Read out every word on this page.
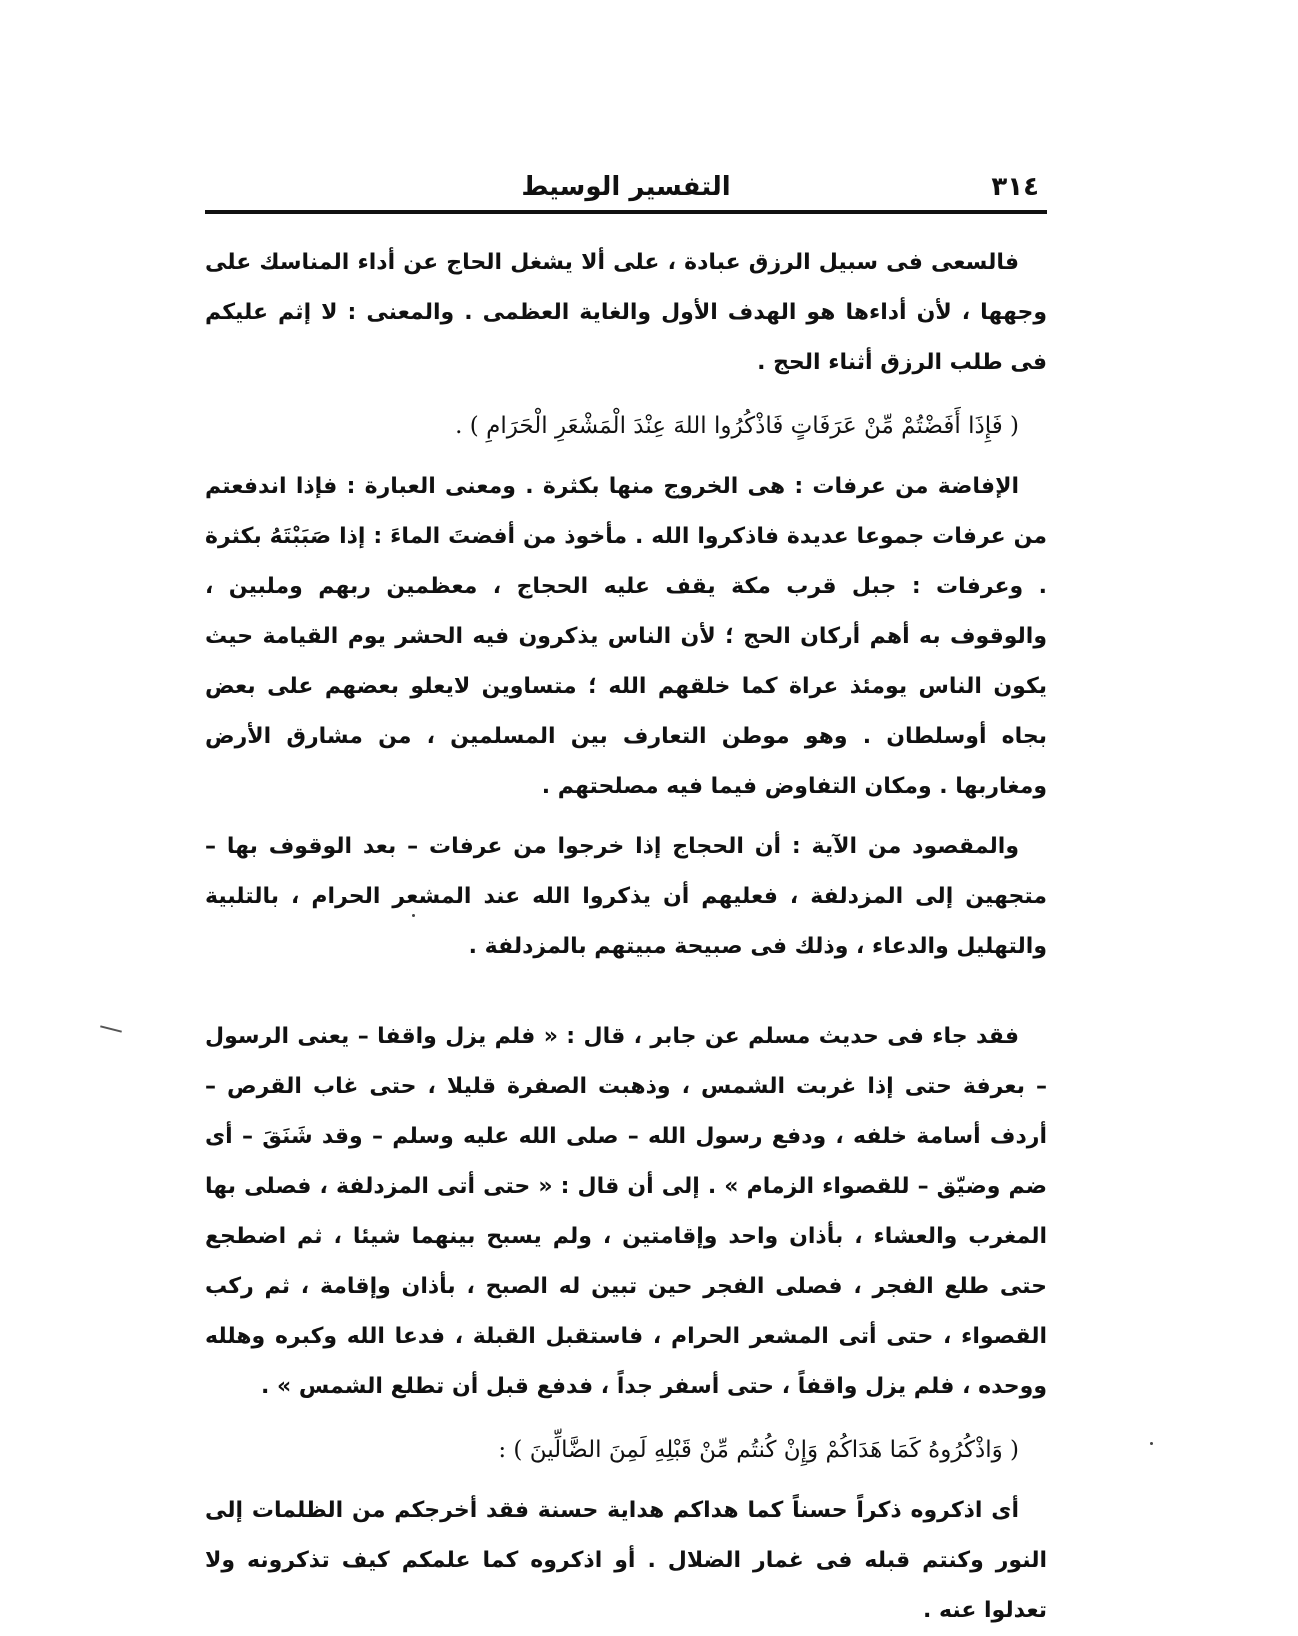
٣١٤
التفسير الوسيط

فالسعى فى سبيل الرزق عبادة ، على ألا يشغل الحاج عن أداء المناسك على وجهها ، لأن أداءها هو الهدف الأول والغاية العظمى . والمعنى : لا إثم عليكم فى طلب الرزق أثناء الحج .

( فَإِذَا أَفَضْتُمْ مِّنْ عَرَفَاتٍ فَاذْكُرُوا اللهَ عِنْدَ الْمَشْعَرِ الْحَرَامِ ) .

الإفاضة من عرفات : هى الخروج منها بكثرة . ومعنى العبارة : فإذا اندفعتم من عرفات جموعا عديدة فاذكروا الله . مأخوذ من أفضتَ الماءَ : إذا صَبَبْتَهُ بكثرة . وعرفات : جبل قرب مكة يقف عليه الحجاج ، معظمين ربهم وملبين ، والوقوف به أهم أركان الحج ؛ لأن الناس يذكرون فيه الحشر يوم القيامة حيث يكون الناس يومئذ عراة كما خلقهم الله ؛ متساوين لايعلو بعضهم على بعض بجاه أوسلطان . وهو موطن التعارف بين المسلمين ، من مشارق الأرض ومغاربها . ومكان التفاوض فيما فيه مصلحتهم .

والمقصود من الآية : أن الحجاج إذا خرجوا من عرفات – بعد الوقوف بها – متجهين إلى المزدلفة ، فعليهم أن يذكروا الله عند المشعر الحرام ، بالتلبية والتهليل والدعاء ، وذلك فى صبيحة مبيتهم بالمزدلفة .

فقد جاء فى حديث مسلم عن جابر ، قال : « فلم يزل واقفا – يعنى الرسول – بعرفة حتى إذا غربت الشمس ، وذهبت الصفرة قليلا ، حتى غاب القرص – أردف أسامة خلفه ، ودفع رسول الله – صلى الله عليه وسلم – وقد شَنَقَ – أى ضم وضيّق – للقصواء الزمام » . إلى أن قال : « حتى أتى المزدلفة ، فصلى بها المغرب والعشاء ، بأذان واحد وإقامتين ، ولم يسبح بينهما شيئا ، ثم اضطجع حتى طلع الفجر ، فصلى الفجر حين تبين له الصبح ، بأذان وإقامة ، ثم ركب القصواء ، حتى أتى المشعر الحرام ، فاستقبل القبلة ، فدعا الله وكبره وهلله ووحده ، فلم يزل واقفاً ، حتى أسفر جداً ، فدفع قبل أن تطلع الشمس » .

( وَاذْكُرُوهُ كَمَا هَدَاكُمْ وَإِنْ كُنتُم مِّنْ قَبْلِهِ لَمِنَ الضَّالِّينَ ) :

أى اذكروه ذكراً حسناً كما هداكم هداية حسنة فقد أخرجكم من الظلمات إلى النور وكنتم قبله فى غمار الضلال . أو اذكروه كما علمكم كيف تذكرونه ولا تعدلوا عنه .
